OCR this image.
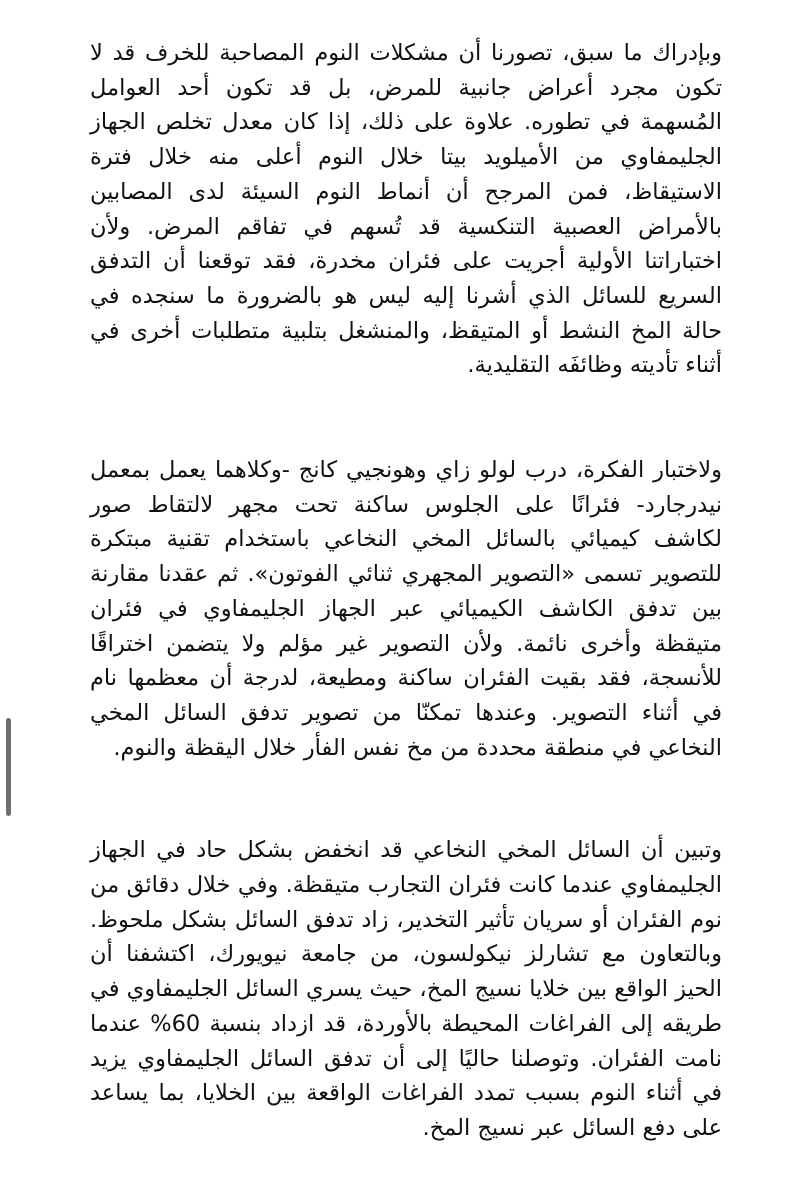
وبإدراك ما سبق، تصورنا أن مشكلات النوم المصاحبة للخرف قد لا تكون مجرد أعراض جانبية للمرض، بل قد تكون أحد العوامل المُسهمة في تطوره. علاوة على ذلك، إذا كان معدل تخلص الجهاز الجليمفاوي من الأميلويد بيتا خلال النوم أعلى منه خلال فترة الاستيقاظ، فمن المرجح أن أنماط النوم السيئة لدى المصابين بالأمراض العصبية التنكسية قد تُسهم في تفاقم المرض. ولأن اختباراتنا الأولية أجريت على فئران مخدرة، فقد توقعنا أن التدفق السريع للسائل الذي أشرنا إليه ليس هو بالضرورة ما سنجده في حالة المخ النشط أو المتيقظ، والمنشغل بتلبية متطلبات أخرى في أثناء تأديته وظائفَه التقليدية.

ولاختبار الفكرة، درب لولو زاي وهونجيي كانج -وكلاهما يعمل بمعمل نيدرجارد- فئرانًا على الجلوس ساكنة تحت مجهر لالتقاط صور لكاشف كيميائي بالسائل المخي النخاعي باستخدام تقنية مبتكرة للتصوير تسمى «التصوير المجهري ثنائي الفوتون». ثم عقدنا مقارنة بين تدفق الكاشف الكيميائي عبر الجهاز الجليمفاوي في فئران متيقظة وأخرى نائمة. ولأن التصوير غير مؤلم ولا يتضمن اختراقًا للأنسجة، فقد بقيت الفئران ساكنة ومطيعة، لدرجة أن معظمها نام في أثناء التصوير. وعندها تمكنّا من تصوير تدفق السائل المخي النخاعي في منطقة محددة من مخ نفس الفأر خلال اليقظة والنوم.

وتبين أن السائل المخي النخاعي قد انخفض بشكل حاد في الجهاز الجليمفاوي عندما كانت فئران التجارب متيقظة. وفي خلال دقائق من نوم الفئران أو سريان تأثير التخدير، زاد تدفق السائل بشكل ملحوظ. وبالتعاون مع تشارلز نيكولسون، من جامعة نيويورك، اكتشفنا أن الحيز الواقع بين خلايا نسيج المخ، حيث يسري السائل الجليمفاوي في طريقه إلى الفراغات المحيطة بالأوردة، قد ازداد بنسبة 60% عندما نامت الفئران. وتوصلنا حاليًا إلى أن تدفق السائل الجليمفاوي يزيد في أثناء النوم بسبب تمدد الفراغات الواقعة بين الخلايا، بما يساعد على دفع السائل عبر نسيج المخ.
